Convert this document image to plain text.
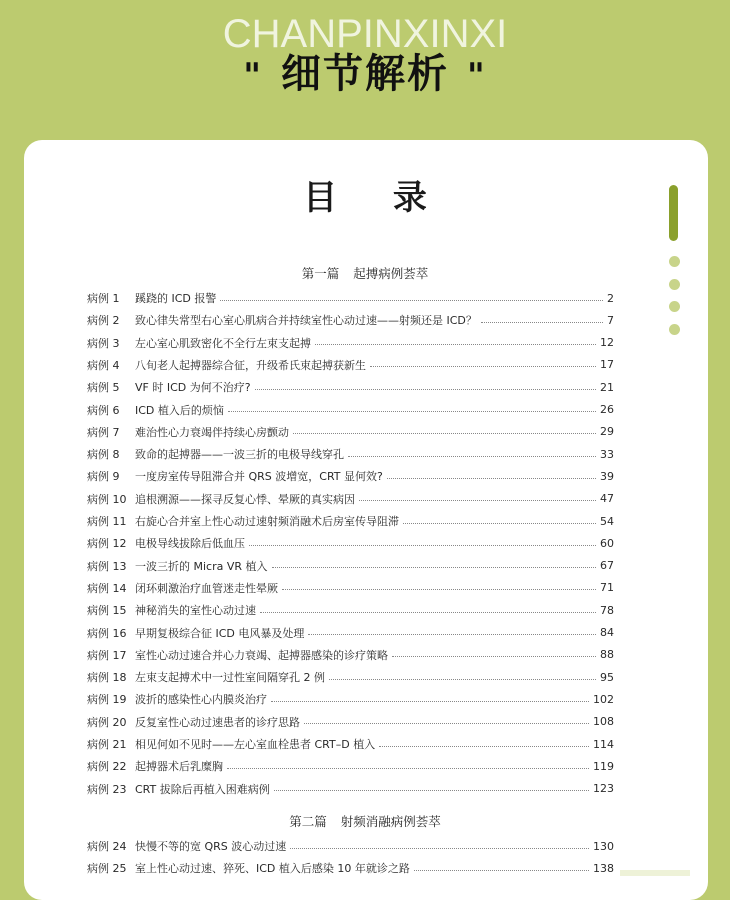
CHANPINXINXI
" 细节解析 "
目 录
第一篇 起搏病例荟萃
病例 1	蹊跷的 ICD 报警	2
病例 2	致心律失常型右心室心肌病合并持续室性心动过速——射频还是 ICD？	7
病例 3	左心室心肌致密化不全行左束支起搏	12
病例 4	八旬老人起搏器综合征，升级希氏束起搏获新生	17
病例 5	VF 时 ICD 为何不治疗?	21
病例 6	ICD 植入后的烦恼	26
病例 7	难治性心力衰竭伴持续心房颤动	29
病例 8	致命的起搏器——一波三折的电极导线穿孔	33
病例 9	一度房室传导阻滞合并 QRS 波增宽，CRT 显何效?	39
病例 10 追根溯源——探寻反复心悸、晕厥的真实病因	47
病例 11 右旋心合并室上性心动过速射频消融术后房室传导阻滞	54
病例 12 电极导线拔除后低血压	60
病例 13 一波三折的 Micra VR 植入	67
病例 14 闭环刺激治疗血管迷走性晕厥	71
病例 15 神秘消失的室性心动过速	78
病例 16 早期复极综合征 ICD 电风暴及处理	84
病例 17 室性心动过速合并心力衰竭、起搏器感染的诊疗策略	88
病例 18 左束支起搏术中一过性室间隔穿孔 2 例	95
病例 19 波折的感染性心内膜炎治疗	102
病例 20 反复室性心动过速患者的诊疗思路	108
病例 21 相见何如不见时——左心室血栓患者 CRT–D 植入	114
病例 22 起搏器术后乳糜胸	119
病例 23 CRT 拔除后再植入困难病例	123
第二篇 射频消融病例荟萃
病例 24 快慢不等的宽 QRS 波心动过速	130
病例 25 室上性心动过速、猝死、ICD 植入后感染 10 年就诊之路	138
